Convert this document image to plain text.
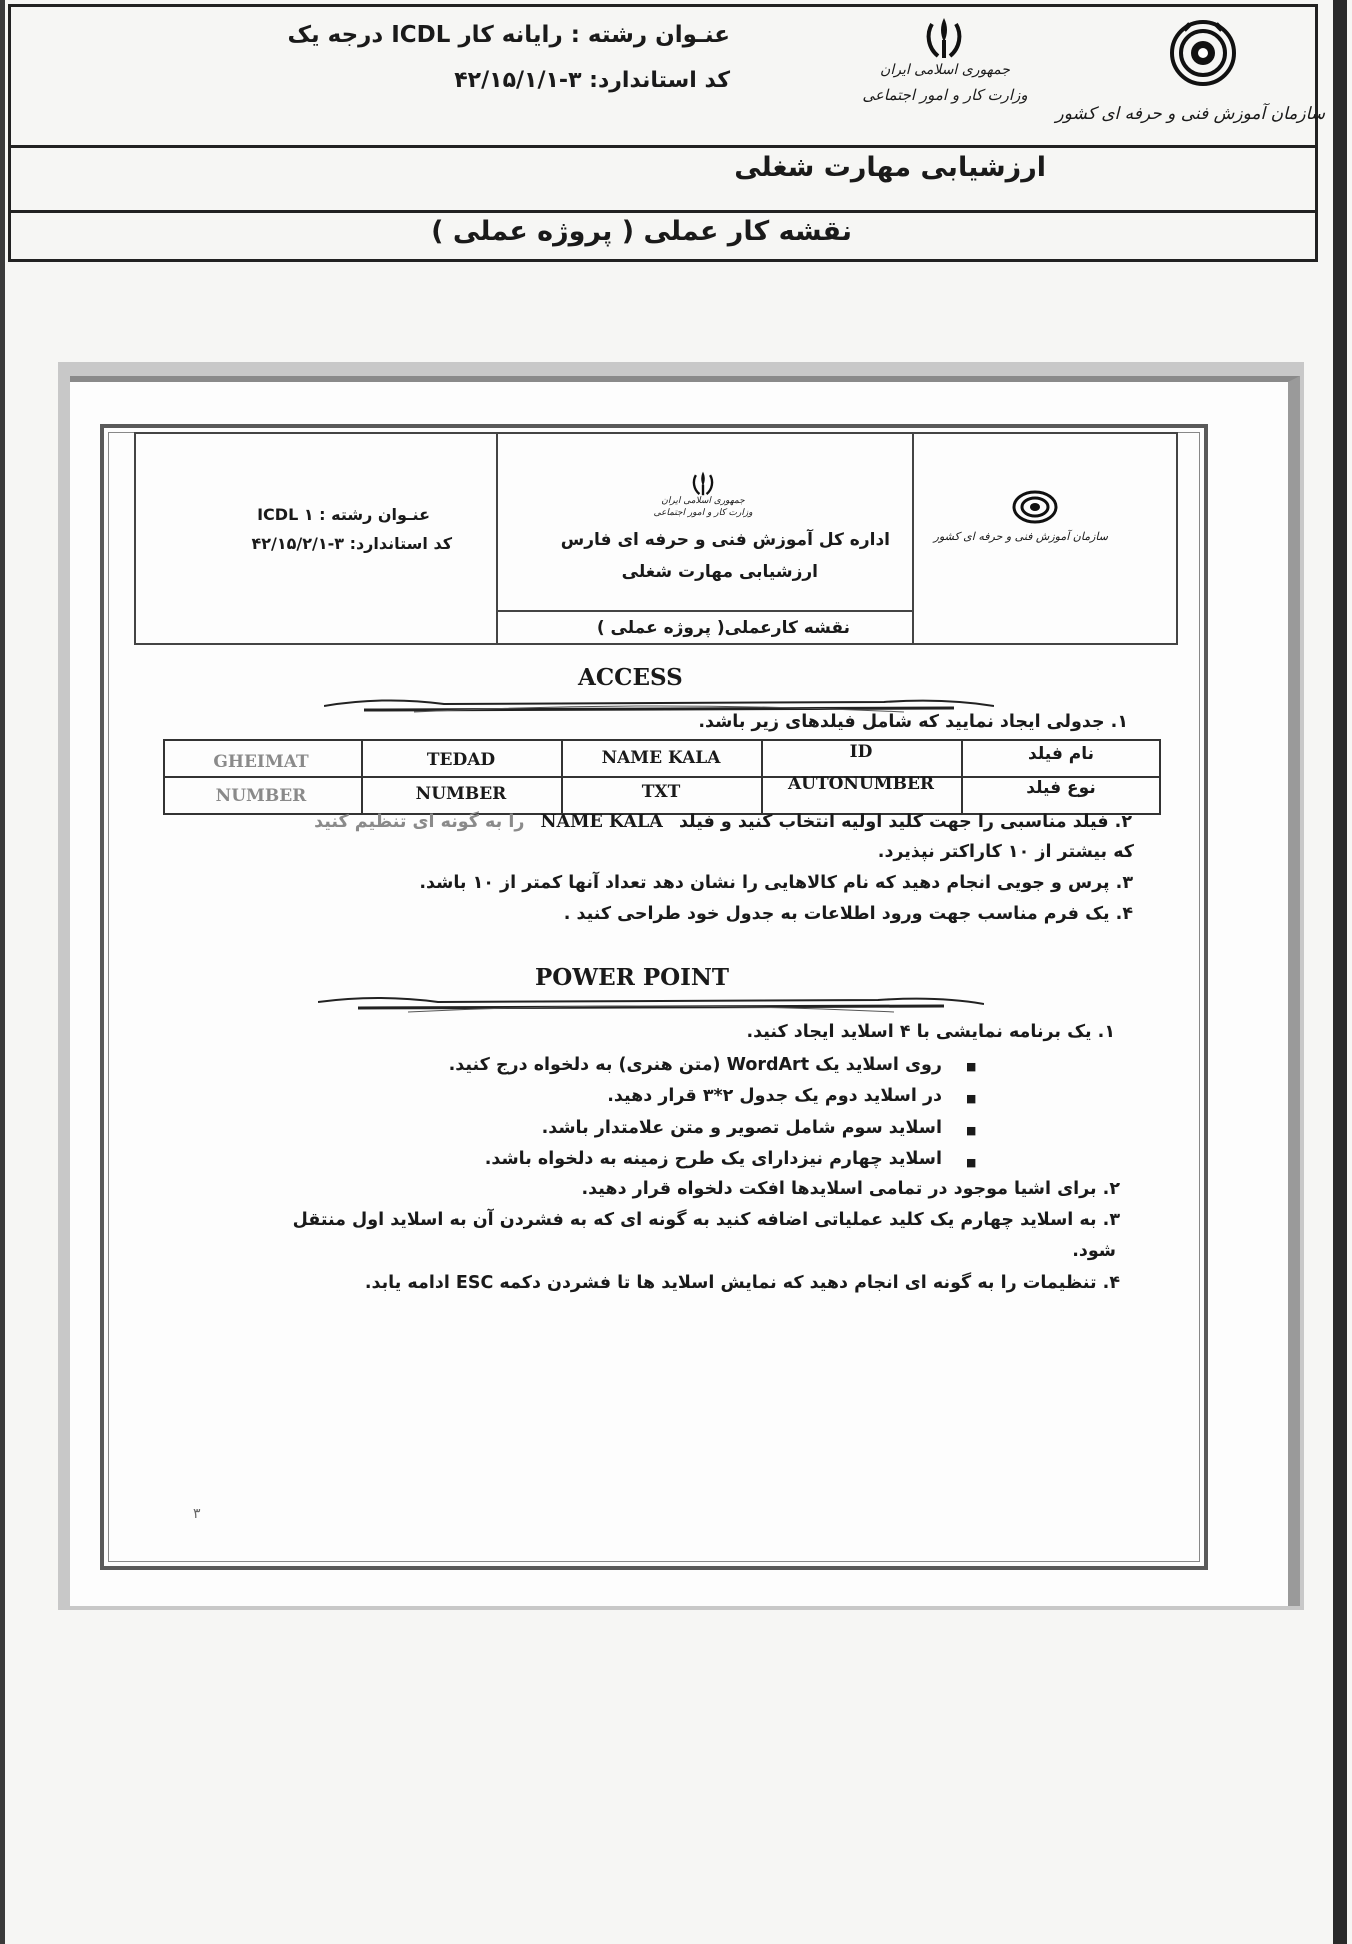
سازمان آموزش فنی و حرفه ای کشور
جمهوری اسلامی ایران
وزارت کار و امور اجتماعی
عنـوان رشته : رایانه کار ICDL درجه یک
کد استاندارد: ۳-۴۲/۱۵/۱/۱
ارزشیابی مهارت شغلی
نقشه کار عملی ( پروژه عملی )
سازمان آموزش فنی و حرفه ای کشور
جمهوری اسلامی ایران
وزارت کار و امور اجتماعی
اداره کل آموزش فنی و حرفه ای فارس
ارزشیابی مهارت شغلی
نقشه کارعملی( پروژه عملی )
عنـوان رشته : ۱ ICDL
کد استاندارد: ۳-۴۲/۱۵/۲/۱
ACCESS
۱. جدولی ایجاد نمایید که شامل فیلدهای زیر باشد.
نام فیلد
نوع فیلد
ID
NAME KALA
TEDAD
GHEIMAT
AUTONUMBER
TXT
NUMBER
NUMBER
۲. فیلد مناسبی را جهت کلید اولیه انتخاب کنید و فیلد NAME KALA را به گونه ای تنظیم کنید
که بیشتر از ۱۰ کاراکتر نپذیرد.
۳. پرس و جویی انجام دهید که نام کالاهایی را نشان دهد تعداد آنها کمتر از ۱۰ باشد.
۴. یک فرم مناسب جهت ورود اطلاعات به جدول خود طراحی کنید .
POWER POINT
۱. یک برنامه نمایشی با ۴ اسلاید ایجاد کنید.
■
روی اسلاید یک WordArt (متن هنری) به دلخواه درج کنید.
■
در اسلاید دوم یک جدول ۲*۳ قرار دهید.
■
اسلاید سوم شامل تصویر و متن علامتدار باشد.
■
اسلاید چهارم نیزدارای یک طرح زمینه به دلخواه باشد.
۲. برای اشیا موجود در تمامی اسلایدها افکت دلخواه قرار دهید.
۳. به اسلاید چهارم یک کلید عملیاتی اضافه کنید به گونه ای که به فشردن آن به اسلاید اول منتقل
شود.
۴. تنظیمات را به گونه ای انجام دهید که نمایش اسلاید ها تا فشردن دکمه ESC ادامه یابد.
۳
